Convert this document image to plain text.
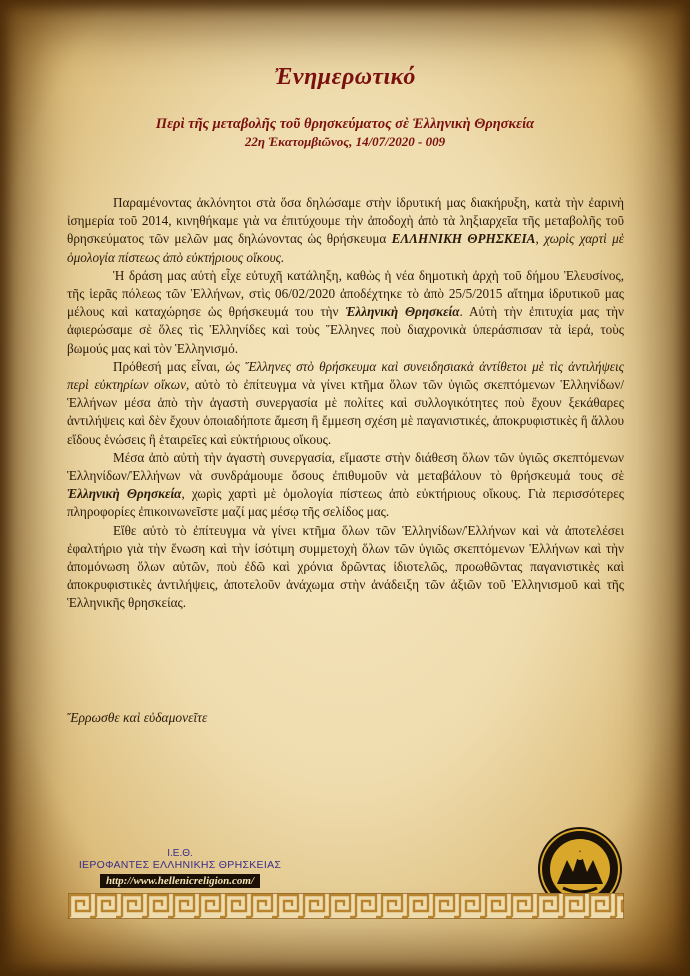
Ἐνημερωτικό
Περὶ τῆς μεταβολῆς τοῦ θρησκεύματος σὲ Ἑλληνικὴ Θρησκεία
22η Ἑκατομβιῶνος, 14/07/2020 - 009

Παραμένοντας ἀκλόνητοι στὰ ὅσα δηλώσαμε στὴν ἱδρυτική μας διακήρυξη, κατὰ τὴν ἐαρινὴ ἰσημερία τοῦ 2014, κινηθήκαμε γιὰ να ἐπιτύχουμε τὴν ἀποδοχὴ ἀπὸ τὰ ληξιαρχεῖα τῆς μεταβολῆς τοῦ θρησκεύματος τῶν μελῶν μας δηλώνοντας ὡς θρήσκευμα ΕΛΛΗΝΙΚΗ ΘΡΗΣΚΕΙΑ, χωρὶς χαρτὶ μὲ ὁμολογία πίστεως ἀπὸ εὐκτήριους οἴκους.

Ἡ δράση μας αὐτὴ εἶχε εὐτυχῆ κατάληξη, καθὼς ἡ νέα δημοτικὴ ἀρχὴ τοῦ δήμου Ἐλευσίνος, τῆς ἱερᾶς πόλεως τῶν Ἑλλήνων, στὶς 06/02/2020 ἀποδέχτηκε τὸ ἀπὸ 25/5/2015 αἴτημα ἱδρυτικοῦ μας μέλους καὶ καταχώρησε ὡς θρήσκευμά του τὴν Ἑλληνικὴ Θρησκεία. Αὐτὴ τὴν ἐπιτυχία μας τὴν ἀφιερώσαμε σὲ ὅλες τὶς Ἑλληνίδες καὶ τοὺς Ἕλληνες ποὺ διαχρονικὰ ὑπεράσπισαν τὰ ἱερά, τοὺς βωμούς μας καὶ τὸν Ἑλληνισμό.

Πρόθεσή μας εἶναι, ὡς Ἕλληνες στὸ θρήσκευμα καὶ συνειδησιακὰ ἀντίθετοι μὲ τὶς ἀντιλήψεις περὶ εὐκτηρίων οἴκων, αὐτὸ τὸ ἐπίτευγμα νὰ γίνει κτῆμα ὅλων τῶν ὑγιῶς σκεπτόμενων Ἑλληνίδων/Ἑλλήνων μέσα ἀπὸ τὴν ἀγαστὴ συνεργασία μὲ πολίτες καὶ συλλογικότητες ποὺ ἔχουν ξεκάθαρες ἀντιλήψεις καὶ δὲν ἔχουν ὁποιαδήποτε ἄμεση ἢ ἔμμεση σχέση μὲ παγανιστικές, ἀποκρυφιστικὲς ἢ ἄλλου εἴδους ἑνώσεις ἢ ἑταιρεῖες καὶ εὐκτήριους οἴκους.

Μέσα ἀπὸ αὐτὴ τὴν ἀγαστὴ συνεργασία, εἴμαστε στὴν διάθεση ὅλων τῶν ὑγιῶς σκεπτόμενων Ἑλληνίδων/Ἑλλήνων νὰ συνδράμουμε ὅσους ἐπιθυμοῦν νὰ μεταβάλουν τὸ θρήσκευμά τους σὲ Ἑλληνικὴ Θρησκεία, χωρὶς χαρτὶ μὲ ὁμολογία πίστεως ἀπὸ εὐκτήριους οἴκους. Γιὰ περισσότερες πληροφορίες ἐπικοινωνεῖστε μαζί μας μέσῳ τῆς σελίδος μας.

Εἴθε αὐτὸ τὸ ἐπίτευγμα νὰ γίνει κτῆμα ὅλων τῶν Ἑλληνίδων/Ἑλλήνων καὶ νὰ ἀποτελέσει ἐφαλτήριο γιὰ τὴν ἕνωση καὶ τὴν ἰσότιμη συμμετοχὴ ὅλων τῶν ὑγιῶς σκεπτόμενων Ἑλλήνων καὶ τὴν ἀπομόνωση ὅλων αὐτῶν, ποὺ ἐδῶ καὶ χρόνια δρῶντας ἰδιοτελῶς, προωθῶντας παγανιστικὲς καὶ ἀποκρυφιστικὲς ἀντιλήψεις, ἀποτελοῦν ἀνάχωμα στὴν ἀνάδειξη τῶν ἀξιῶν τοῦ Ἑλληνισμοῦ καὶ τῆς Ἑλληνικῆς θρησκείας.

Ἔρρωσθε καὶ εὐδαμονεῖτε
Ι.Ε.Θ.
ΙΕΡΟΦΑΝΤΕΣ ΕΛΛΗΝΙΚΗΣ ΘΡΗΣΚΕΙΑΣ
http://www.hellenicreligion.com/
